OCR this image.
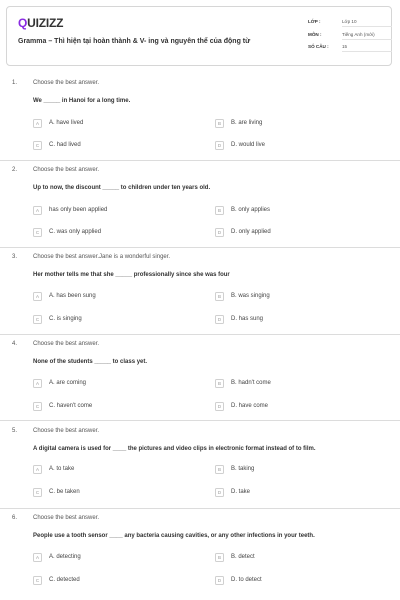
QUIZIZZ
Gramma – Thì hiện tại hoàn thành & V- ing và nguyên thể của động từ
LỚP :	Lớp 10
MÔN :	Tiếng Anh (mới)
SỐ CÂU :	15
1.	Choose the best answer.
We _____ in Hanoi for a long time.
A	A. have lived	B	B. are living
C	C. had lived	D	D. would live
2.	Choose the best answer.
Up to now, the discount _____ to children under ten years old.
A	has only been applied	B	B. only applies
C	C. was only applied	D	D. only applied
3.	Choose the best answer.Jane is a wonderful singer.
Her mother tells me that she _____ professionally since she was four
A	A. has been sung	B	B. was singing
C	C. is singing	D	D. has sung
4.	Choose the best answer.
None of the students _____ to class yet.
A	A. are coming	B	B. hadn't come
C	C. haven't come	D	D. have come
5.	Choose the best answer.
A digital camera is used for ____ the pictures and video clips in electronic format instead of to film.
A	A. to take	B	B. taking
C	C. be taken	D	D. take
6.	Choose the best answer.
People use a tooth sensor ____ any bacteria causing cavities, or any other infections in your teeth.
A	A. detecting	B	B. detect
C	C. detected	D	D. to detect
